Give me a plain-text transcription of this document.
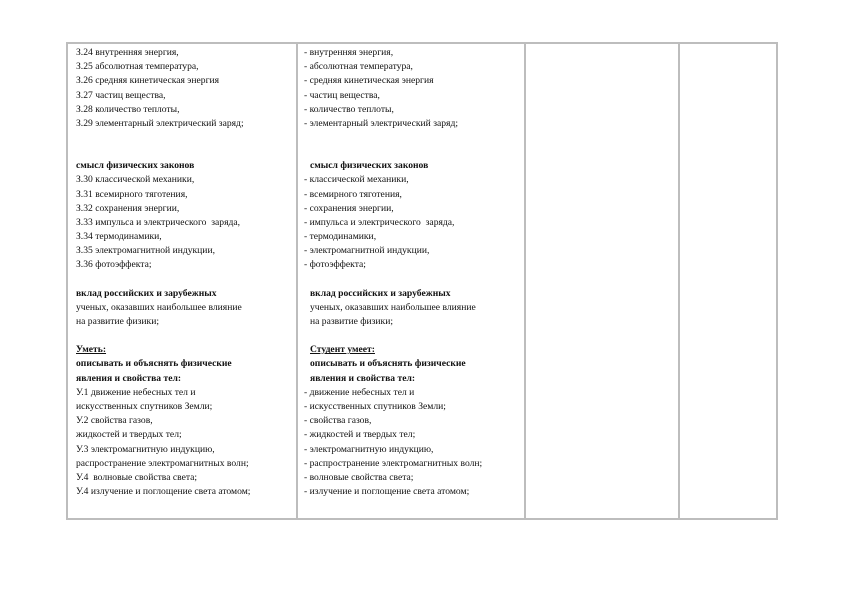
З.24 внутренняя энергия,
З.25 абсолютная температура,
З.26 средняя кинетическая энергия
З.27 частиц вещества,
З.28 количество теплоты,
З.29 элементарный электрический заряд;
смысл физических законов
З.30 классической механики,
З.31 всемирного тяготения,
З.32 сохранения энергии,
З.33 импульса и электрического  заряда,
З.34 термодинамики,
З.35 электромагнитной индукции,
З.36 фотоэффекта;
вклад российских и зарубежных
ученых, оказавших наибольшее влияние
на развитие физики;
Уметь:
описывать и объяснять физические
явления и свойства тел:
У.1 движение небесных тел и
искусственных спутников Земли;
У.2 свойства газов,
жидкостей и твердых тел;
У.3 электромагнитную индукцию,
распространение электромагнитных волн;
У.4  волновые свойства света;
У.4 излучение и поглощение света атомом;
- внутренняя энергия,
- абсолютная температура,
- средняя кинетическая энергия
- частиц вещества,
- количество теплоты,
- элементарный электрический заряд;
смысл физических законов
- классической механики,
- всемирного тяготения,
- сохранения энергии,
- импульса и электрического  заряда,
- термодинамики,
- электромагнитной индукции,
- фотоэффекта;
вклад российских и зарубежных
ученых, оказавших наибольшее влияние
на развитие физики;
Студент умеет:
описывать и объяснять физические
явления и свойства тел:
- движение небесных тел и
- искусственных спутников Земли;
- свойства газов,
- жидкостей и твердых тел;
- электромагнитную индукцию,
- распространение электромагнитных волн;
- волновые свойства света;
- излучение и поглощение света атомом;
